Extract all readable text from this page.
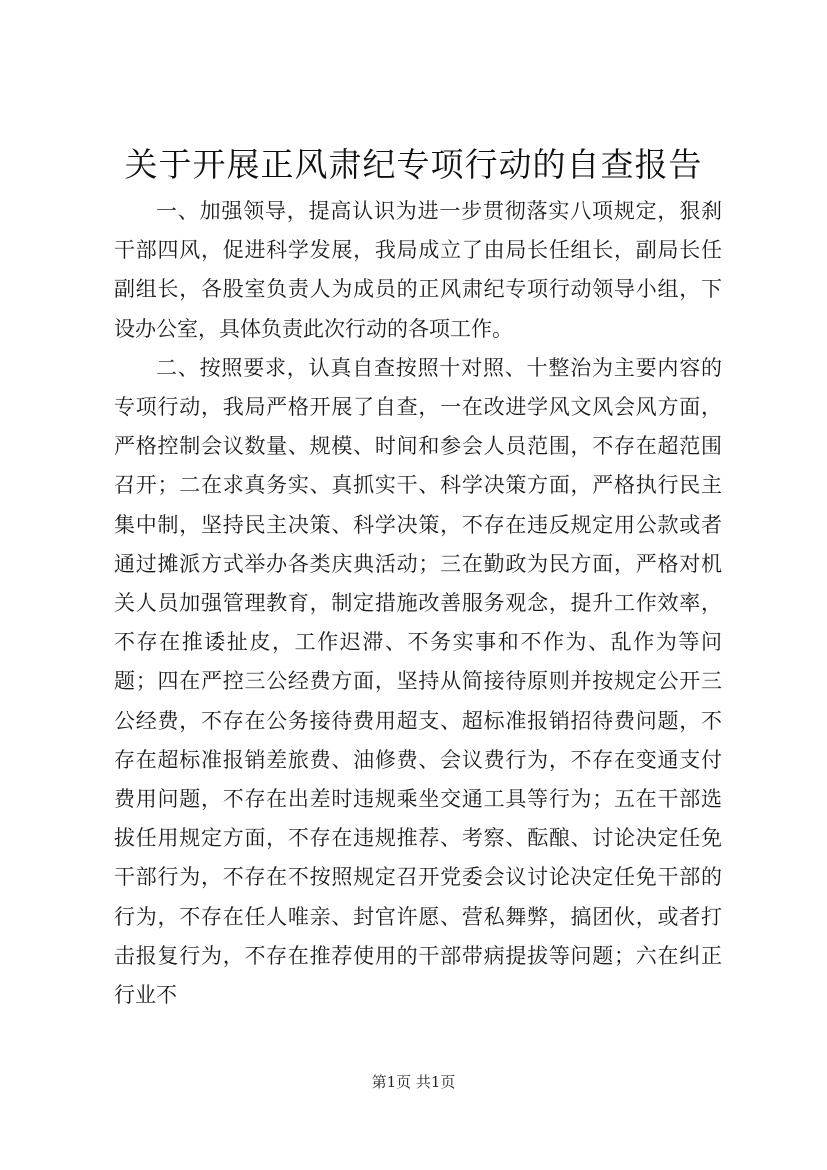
关于开展正风肃纪专项行动的自查报告

一、加强领导，提高认识为进一步贯彻落实八项规定，狠刹干部四风，促进科学发展，我局成立了由局长任组长，副局长任副组长，各股室负责人为成员的正风肃纪专项行动领导小组，下设办公室，具体负责此次行动的各项工作。

二、按照要求，认真自查按照十对照、十整治为主要内容的专项行动，我局严格开展了自查，一在改进学风文风会风方面，严格控制会议数量、规模、时间和参会人员范围，不存在超范围召开；二在求真务实、真抓实干、科学决策方面，严格执行民主集中制，坚持民主决策、科学决策，不存在违反规定用公款或者通过摊派方式举办各类庆典活动；三在勤政为民方面，严格对机关人员加强管理教育，制定措施改善服务观念，提升工作效率，不存在推诿扯皮，工作迟滞、不务实事和不作为、乱作为等问题；四在严控三公经费方面，坚持从简接待原则并按规定公开三公经费，不存在公务接待费用超支、超标准报销招待费问题，不存在超标准报销差旅费、油修费、会议费行为，不存在变通支付费用问题，不存在出差时违规乘坐交通工具等行为；五在干部选拔任用规定方面，不存在违规推荐、考察、酝酿、讨论决定任免干部行为，不存在不按照规定召开党委会议讨论决定任免干部的行为，不存在任人唯亲、封官许愿、营私舞弊，搞团伙，或者打击报复行为，不存在推荐使用的干部带病提拔等问题；六在纠正行业不

第1页 共1页
